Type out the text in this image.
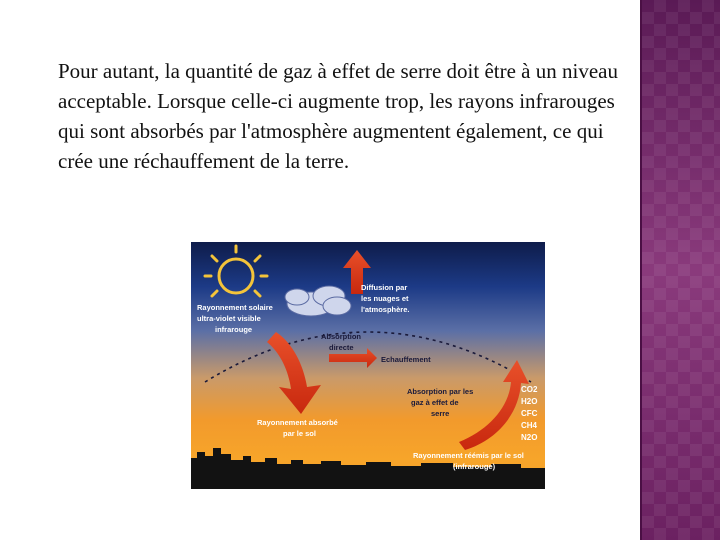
Pour autant, la quantité de gaz à effet de serre doit être à un niveau acceptable. Lorsque celle-ci augmente trop, les rayons infrarouges qui sont absorbés par l'atmosphère augmentent également, ce qui crée une réchauffement de la terre.
Rayonnement solaire
ultra-violet visible
infrarouge
Diffusion par
les nuages et
l'atmosphère.
Absorption
directe
Echauffement
Absorption par les
gaz à effet de
serre
CO2
H2O
CFC
CH4
N2O
Rayonnement absorbé
par le sol
Rayonnement réémis par le sol
(infrarouge)
